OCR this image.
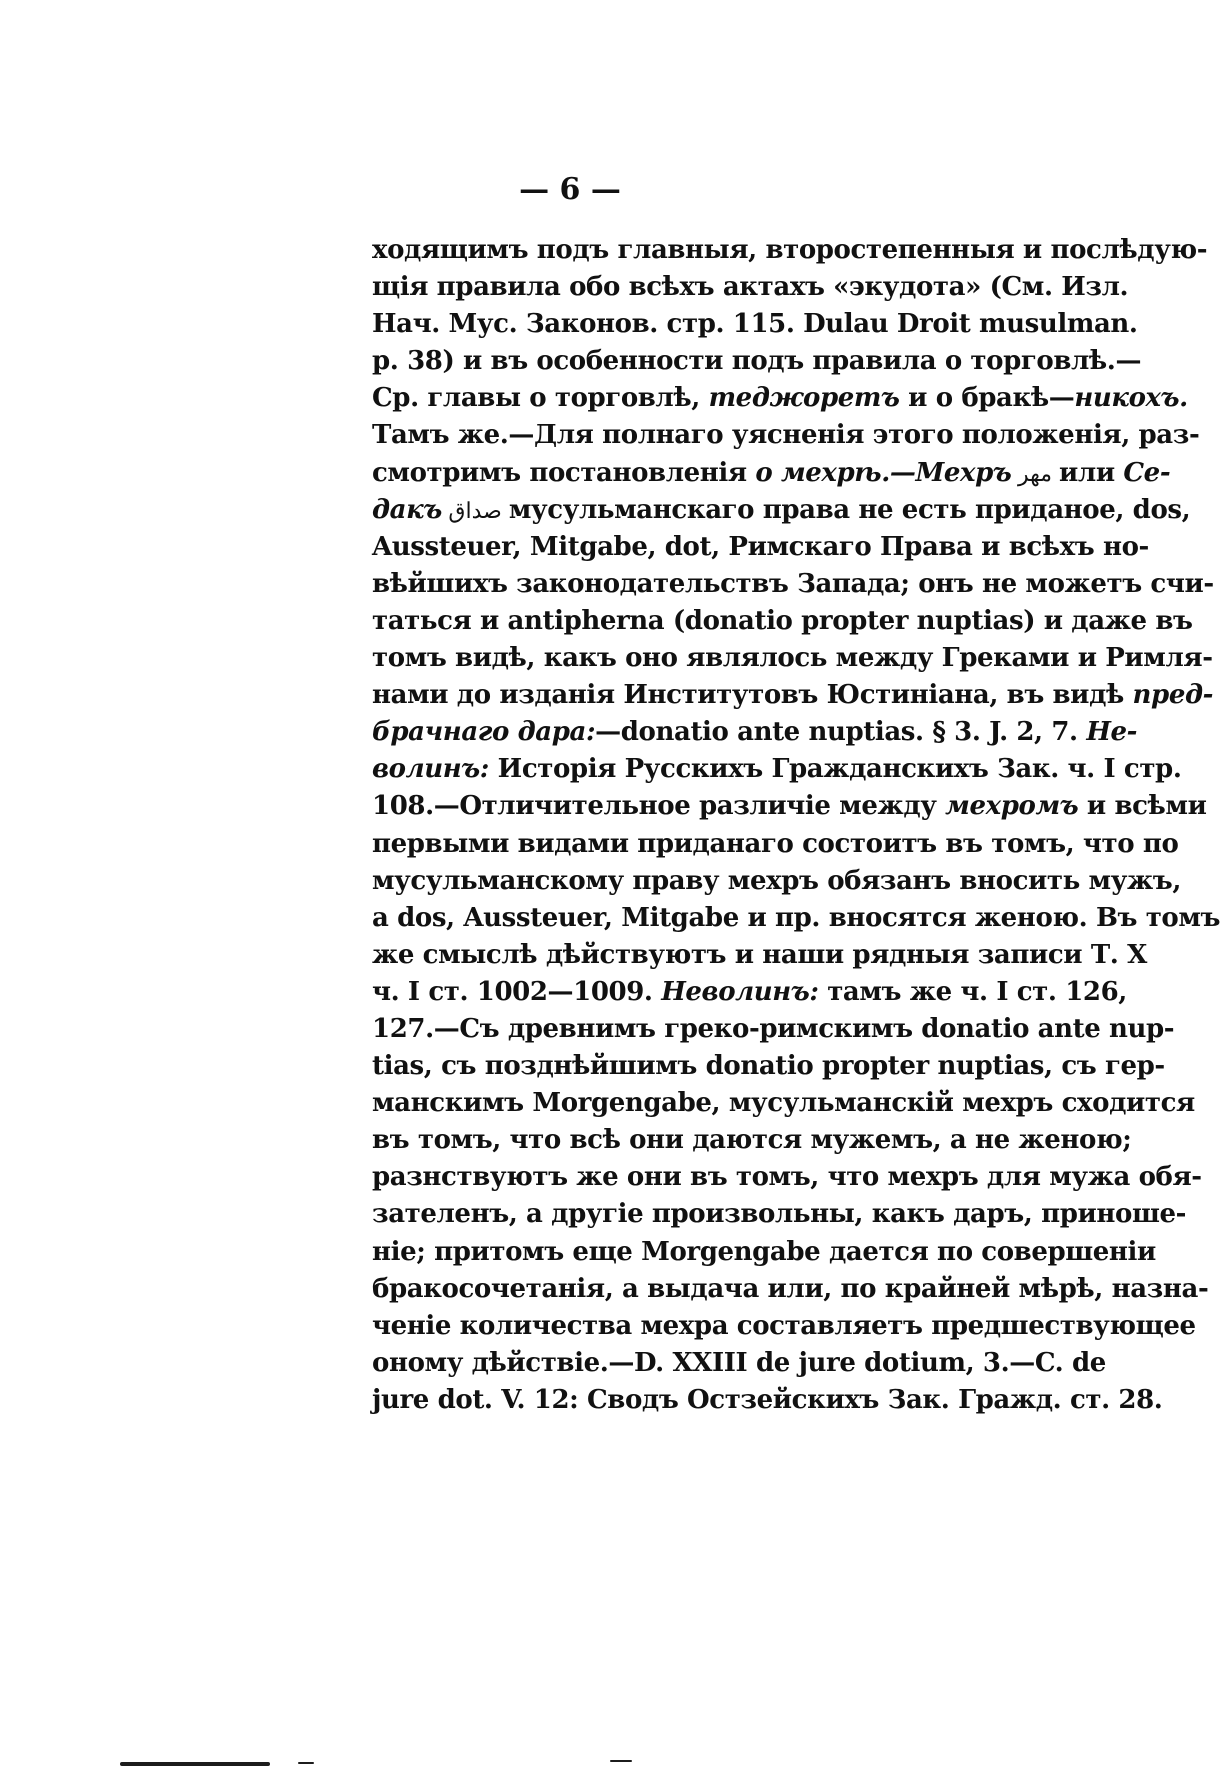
— 6 —
ходящимъ подъ главныя, второстепенныя и послѣдую-
щія правила обо всѣхъ актахъ «экудота» (См. Изл.
Нач. Мус. Законов. стр. 115. Dulau Droit musulman.
р. 38) и въ особенности подъ правила о торговлѣ.—
Ср. главы о торговлѣ, теджоретъ и о бракѣ—никохъ.
Тамъ же.—Для полнаго уясненія этого положенія, раз-
смотримъ постановленія о мехрѣ.—Мехръ مهر или Се-
дакъ صداق мусульманскаго права не есть приданое, dos,
Aussteuer, Mitgabe, dot, Римскаго Права и всѣхъ но-
вѣйшихъ законодательствъ Запада; онъ не можетъ счи-
таться и antipherna (donatio propter nuptias) и даже въ
томъ видѣ, какъ оно являлось между Греками и Римля-
нами до изданія Институтовъ Юстиніана, въ видѣ пред-
брачнаго дара:—donatio ante nuptias. § 3. J. 2, 7. Не-
волинъ: Исторія Русскихъ Гражданскихъ Зак. ч. I стр.
108.—Отличительное различіе между мехромъ и всѣми
первыми видами приданаго состоитъ въ томъ, что по
мусульманскому праву мехръ обязанъ вносить мужъ,
a dos, Aussteuer, Mitgabe и пр. вносятся женою. Въ томъ
же смыслѣ дѣйствуютъ и наши рядныя записи Т. X
ч. I ст. 1002—1009. Неволинъ: тамъ же ч. I ст. 126,
127.—Съ древнимъ греко-римскимъ donatio ante nup-
tias, съ позднѣйшимъ donatio propter nuptias, съ гер-
манскимъ Morgengabe, мусульманскій мехръ сходится
въ томъ, что всѣ они даются мужемъ, а не женою;
разнствуютъ же они въ томъ, что мехръ для мужа обя-
зателенъ, а другіе произвольны, какъ даръ, приноше-
ніе; притомъ еще Morgengabe дается по совершеніи
бракосочетанія, а выдача или, по крайней мѣрѣ, назна-
ченіе количества мехра составляетъ предшествующее
оному дѣйствіе.—D. XXIII de jure dotium, 3.—C. de
jure dot. V. 12: Сводъ Остзейскихъ Зак. Гражд. ст. 28.
